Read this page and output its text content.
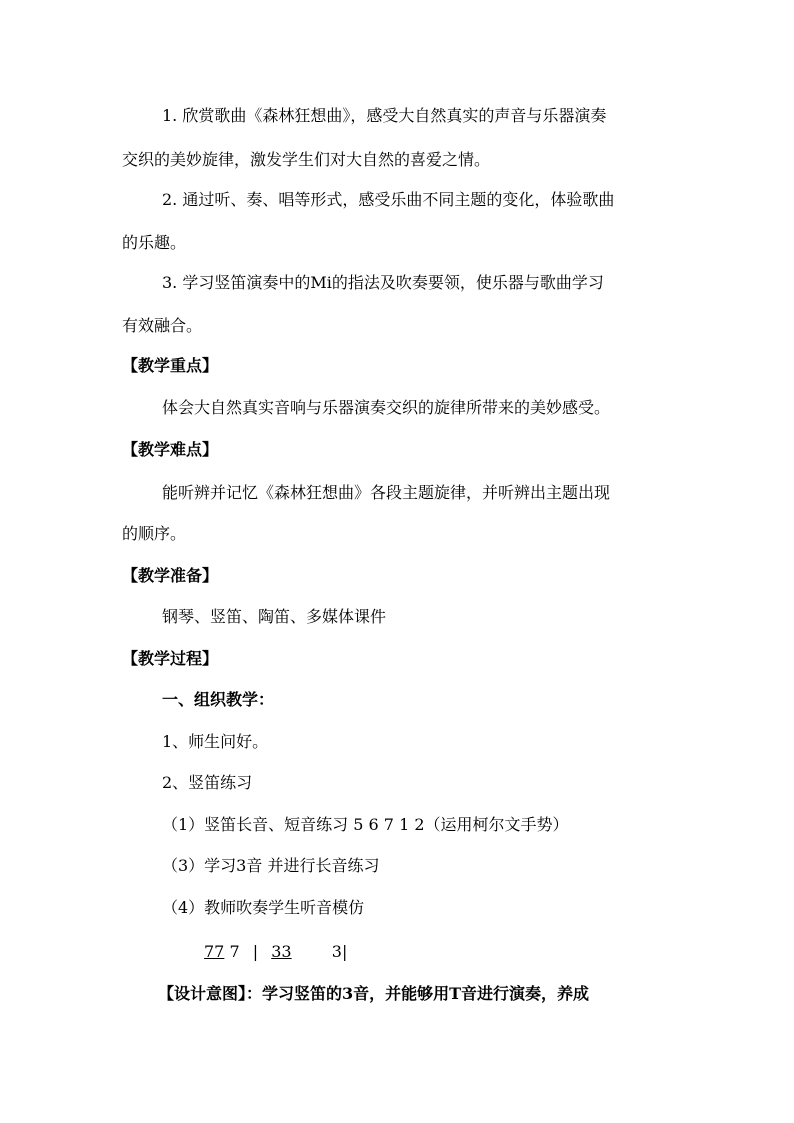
1. 欣赏歌曲《森林狂想曲》，感受大自然真实的声音与乐器演奏
交织的美妙旋律，激发学生们对大自然的喜爱之情。
2. 通过听、奏、唱等形式，感受乐曲不同主题的变化，体验歌曲
的乐趣。
3. 学习竖笛演奏中的Mi的指法及吹奏要领，使乐器与歌曲学习
有效融合。
【教学重点】
体会大自然真实音响与乐器演奏交织的旋律所带来的美妙感受。
【教学难点】
能听辨并记忆《森林狂想曲》各段主题旋律，并听辨出主题出现
的顺序。
【教学准备】
钢琴、竖笛、陶笛、多媒体课件
【教学过程】
一、组织教学：
1、师生问好。
2、竖笛练习
（1）竖笛长音、短音练习 5 6 7 1 2（运用柯尔文手势）
（3）学习3音 并进行长音练习
（4）教师吹奏学生听音模仿
77 7 | 33	3|
【设计意图】：学习竖笛的3音，并能够用T音进行演奏，养成
